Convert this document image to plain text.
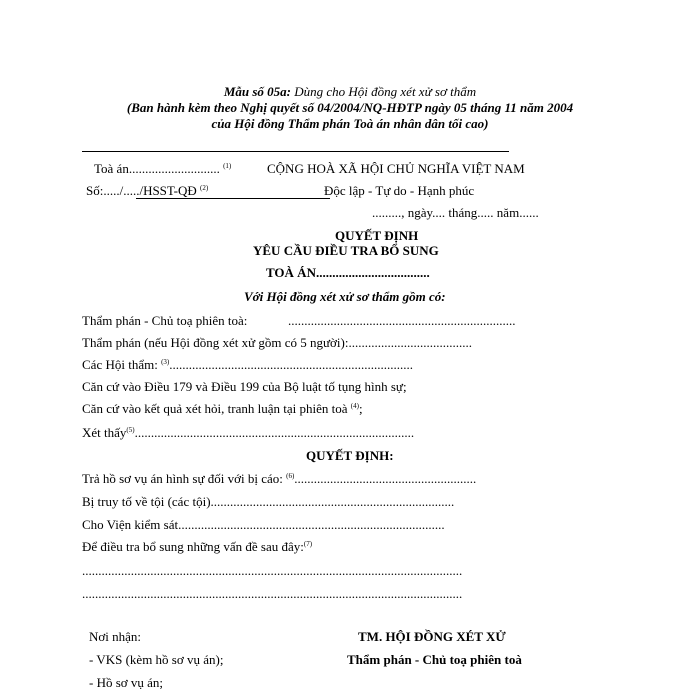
Mẫu số 05a: Dùng cho Hội đồng xét xử sơ thẩm
(Ban hành kèm theo Nghị quyết số 04/2004/NQ-HĐTP ngày 05 tháng 11 năm 2004
của Hội đồng Thẩm phán Toà án nhân dân tối cao)
Toà án............................ $^{(1)}$
Số:...../...../HSST-QĐ $^{(2)}$
CỘNG HOÀ XÃ HỘI CHỦ NGHĨA VIỆT NAM
Độc lập - Tự do - Hạnh phúc
........., ngày.... tháng..... năm......
QUYẾT ĐỊNH
YÊU CẦU ĐIỀU TRA BỔ SUNG
TOÀ ÁN...................................
Với Hội đồng xét xử sơ thẩm gồm có:
Thẩm phán - Chủ toạ phiên toà:	......................................................................
Thẩm phán (nếu Hội đồng xét xử gồm có 5 người):......................................
Các Hội thẩm: $^{(3)}$...........................................................................
Căn cứ vào Điều 179 và Điều 199 của Bộ luật tố tụng hình sự;
Căn cứ vào kết quả xét hỏi, tranh luận tại phiên toà $^{(4)}$;
Xét thấy$^{(5)}$......................................................................................
QUYẾT ĐỊNH:
Trả hồ sơ vụ án hình sự đối với bị cáo: $^{(6)}$........................................................
Bị truy tố về tội (các tội)...........................................................................
Cho Viện kiểm sát..................................................................................
Để điều tra bổ sung những vấn đề sau đây:$^{(7)}$
.....................................................................................................................
.....................................................................................................................
Nơi nhận:
- VKS (kèm hồ sơ vụ án);
- Hồ sơ vụ án;
TM. HỘI ĐỒNG XÉT XỬ
Thẩm phán - Chủ toạ phiên toà
